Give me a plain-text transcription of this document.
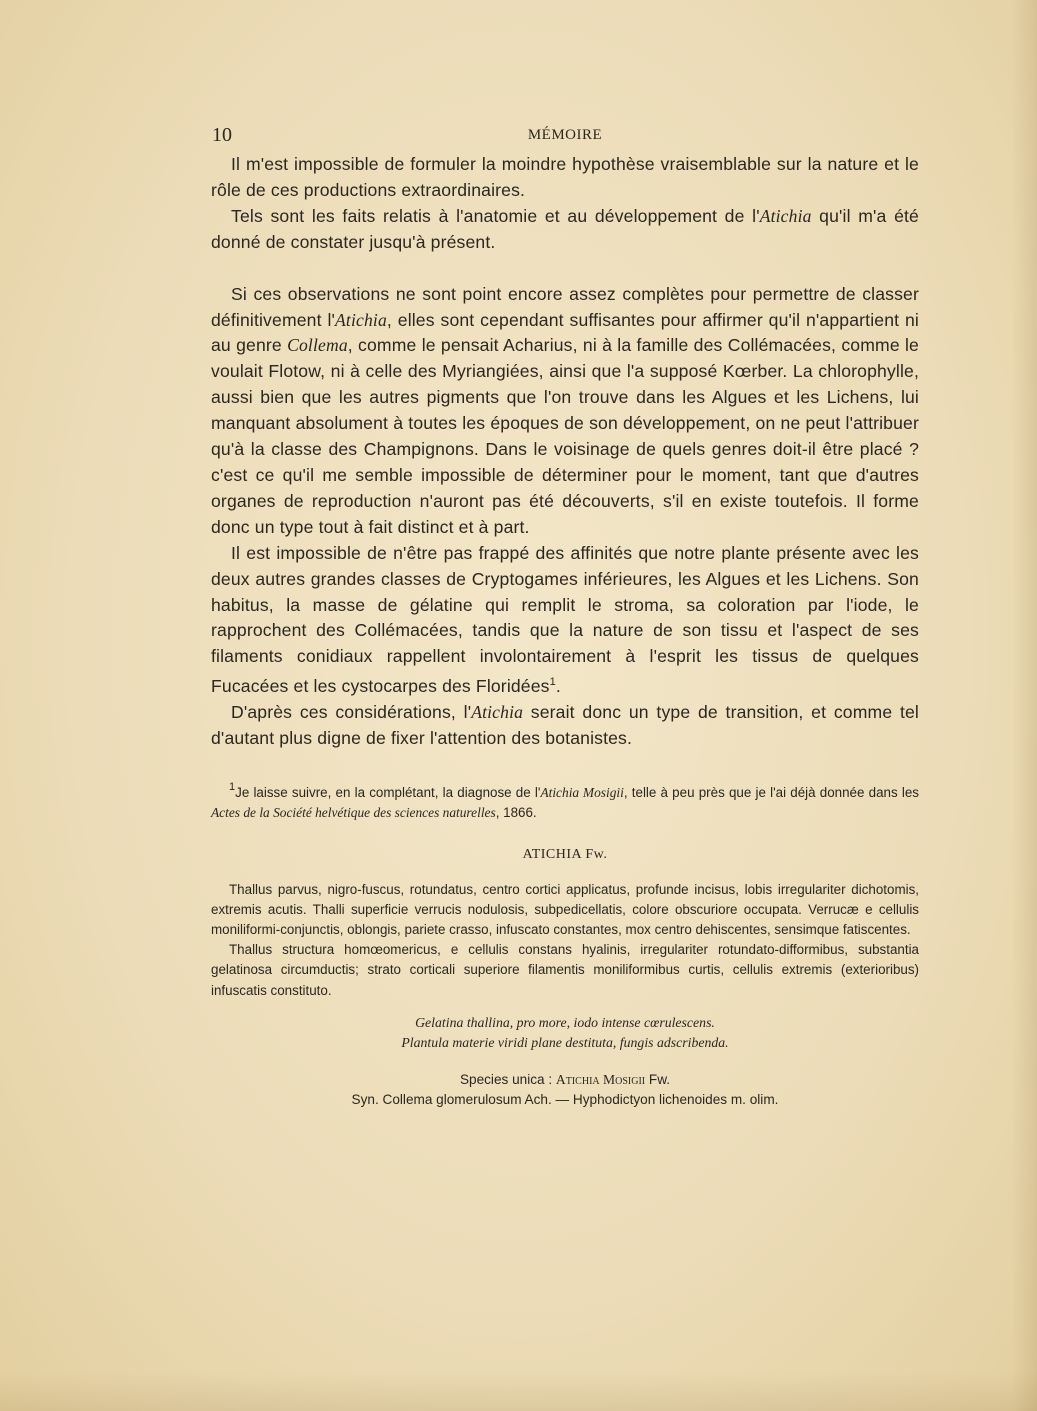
10	MÉMOIRE

Il m'est impossible de formuler la moindre hypothèse vraisemblable sur la nature et le rôle de ces productions extraordinaires.

Tels sont les faits relatis à l'anatomie et au développement de l'Atichia qu'il m'a été donné de constater jusqu'à présent.

Si ces observations ne sont point encore assez complètes pour permettre de classer définitivement l'Atichia, elles sont cependant suffisantes pour affirmer qu'il n'appartient ni au genre Collema, comme le pensait Acharius, ni à la famille des Collémacées, comme le voulait Flotow, ni à celle des Myriangiées, ainsi que l'a supposé Kœrber. La chlorophylle, aussi bien que les autres pigments que l'on trouve dans les Algues et les Lichens, lui manquant absolument à toutes les époques de son développement, on ne peut l'attribuer qu'à la classe des Champignons. Dans le voisinage de quels genres doit-il être placé ? c'est ce qu'il me semble impossible de déterminer pour le moment, tant que d'autres organes de reproduction n'auront pas été découverts, s'il en existe toutefois. Il forme donc un type tout à fait distinct et à part.

Il est impossible de n'être pas frappé des affinités que notre plante présente avec les deux autres grandes classes de Cryptogames inférieures, les Algues et les Lichens. Son habitus, la masse de gélatine qui remplit le stroma, sa coloration par l'iode, le rapprochent des Collémacées, tandis que la nature de son tissu et l'aspect de ses filaments conidiaux rappellent involontairement à l'esprit les tissus de quelques Fucacées et les cystocarpes des Floridées$^1$.

D'après ces considérations, l'Atichia serait donc un type de transition, et comme tel d'autant plus digne de fixer l'attention des botanistes.

$^1$Je laisse suivre, en la complétant, la diagnose de l'Atichia Mosigii, telle à peu près que je l'ai déjà donnée dans les Actes de la Société helvétique des sciences naturelles, 1866.

ATICHIA Fw.

Thallus parvus, nigro-fuscus, rotundatus, centro cortici applicatus, profunde incisus, lobis irregulariter dichotomis, extremis acutis. Thalli superficie verrucis nodulosis, subpedicellatis, colore obscuriore occupata. Verrucæ e cellulis moniliformi-conjunctis, oblongis, pariete crasso, infuscato constantes, mox centro dehiscentes, sensimque fatiscentes.

Thallus structura homœomericus, e cellulis constans hyalinis, irregulariter rotundato-difformibus, substantia gelatinosa circumductis; strato corticali superiore filamentis moniliformibus curtis, cellulis extremis (exterioribus) infuscatis constituto.

Gelatina thallina, pro more, iodo intense cœrulescens.
Plantula materie viridi plane destituta, fungis adscribenda.

Species unica : Atichia Mosigii Fw.
Syn. Collema glomerulosum Ach. — Hyphodictyon lichenoides m. olim.
